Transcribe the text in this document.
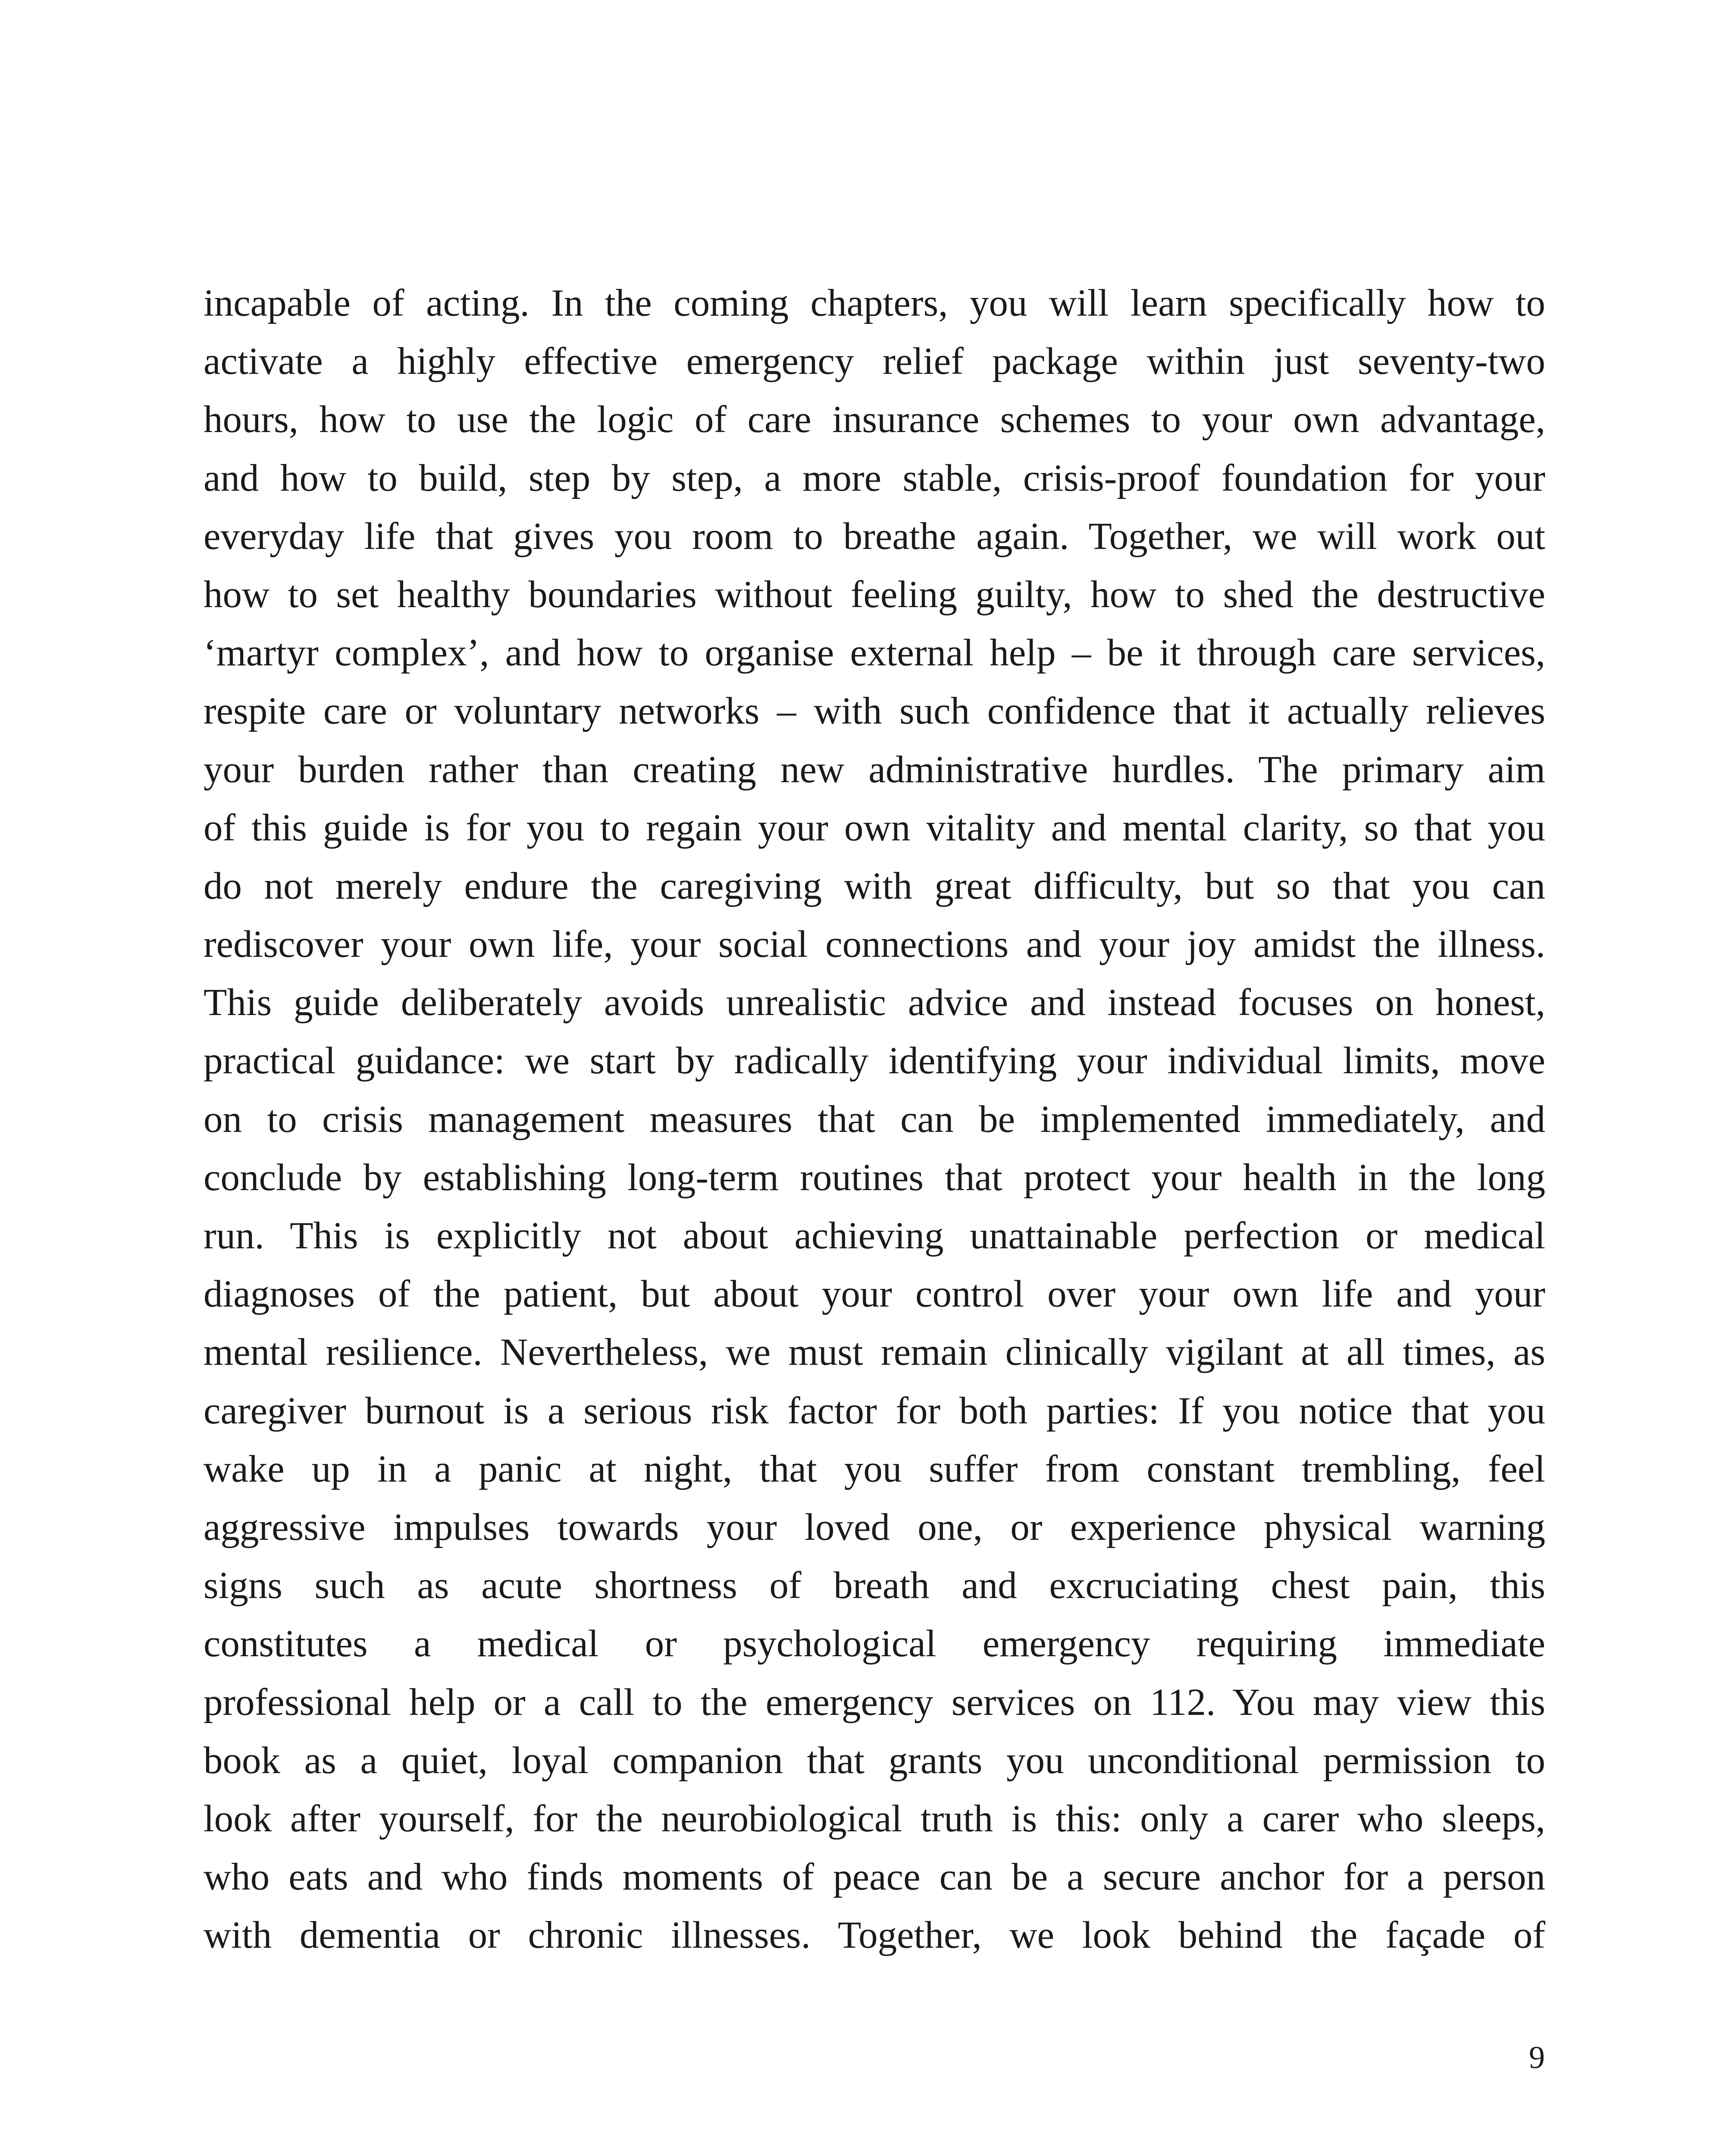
incapable of acting. In the coming chapters, you will learn specifically how to
activate a highly effective emergency relief package within just seventy-two
hours, how to use the logic of care insurance schemes to your own advantage,
and how to build, step by step, a more stable, crisis-proof foundation for your
everyday life that gives you room to breathe again. Together, we will work out
how to set healthy boundaries without feeling guilty, how to shed the destructive
‘martyr complex’, and how to organise external help – be it through care services,
respite care or voluntary networks – with such confidence that it actually relieves
your burden rather than creating new administrative hurdles. The primary aim
of this guide is for you to regain your own vitality and mental clarity, so that you
do not merely endure the caregiving with great difficulty, but so that you can
rediscover your own life, your social connections and your joy amidst the illness.
This guide deliberately avoids unrealistic advice and instead focuses on honest,
practical guidance: we start by radically identifying your individual limits, move
on to crisis management measures that can be implemented immediately, and
conclude by establishing long-term routines that protect your health in the long
run. This is explicitly not about achieving unattainable perfection or medical
diagnoses of the patient, but about your control over your own life and your
mental resilience. Nevertheless, we must remain clinically vigilant at all times, as
caregiver burnout is a serious risk factor for both parties: If you notice that you
wake up in a panic at night, that you suffer from constant trembling, feel
aggressive impulses towards your loved one, or experience physical warning
signs such as acute shortness of breath and excruciating chest pain, this
constitutes a medical or psychological emergency requiring immediate
professional help or a call to the emergency services on 112. You may view this
book as a quiet, loyal companion that grants you unconditional permission to
look after yourself, for the neurobiological truth is this: only a carer who sleeps,
who eats and who finds moments of peace can be a secure anchor for a person
with dementia or chronic illnesses. Together, we look behind the façade of
9
